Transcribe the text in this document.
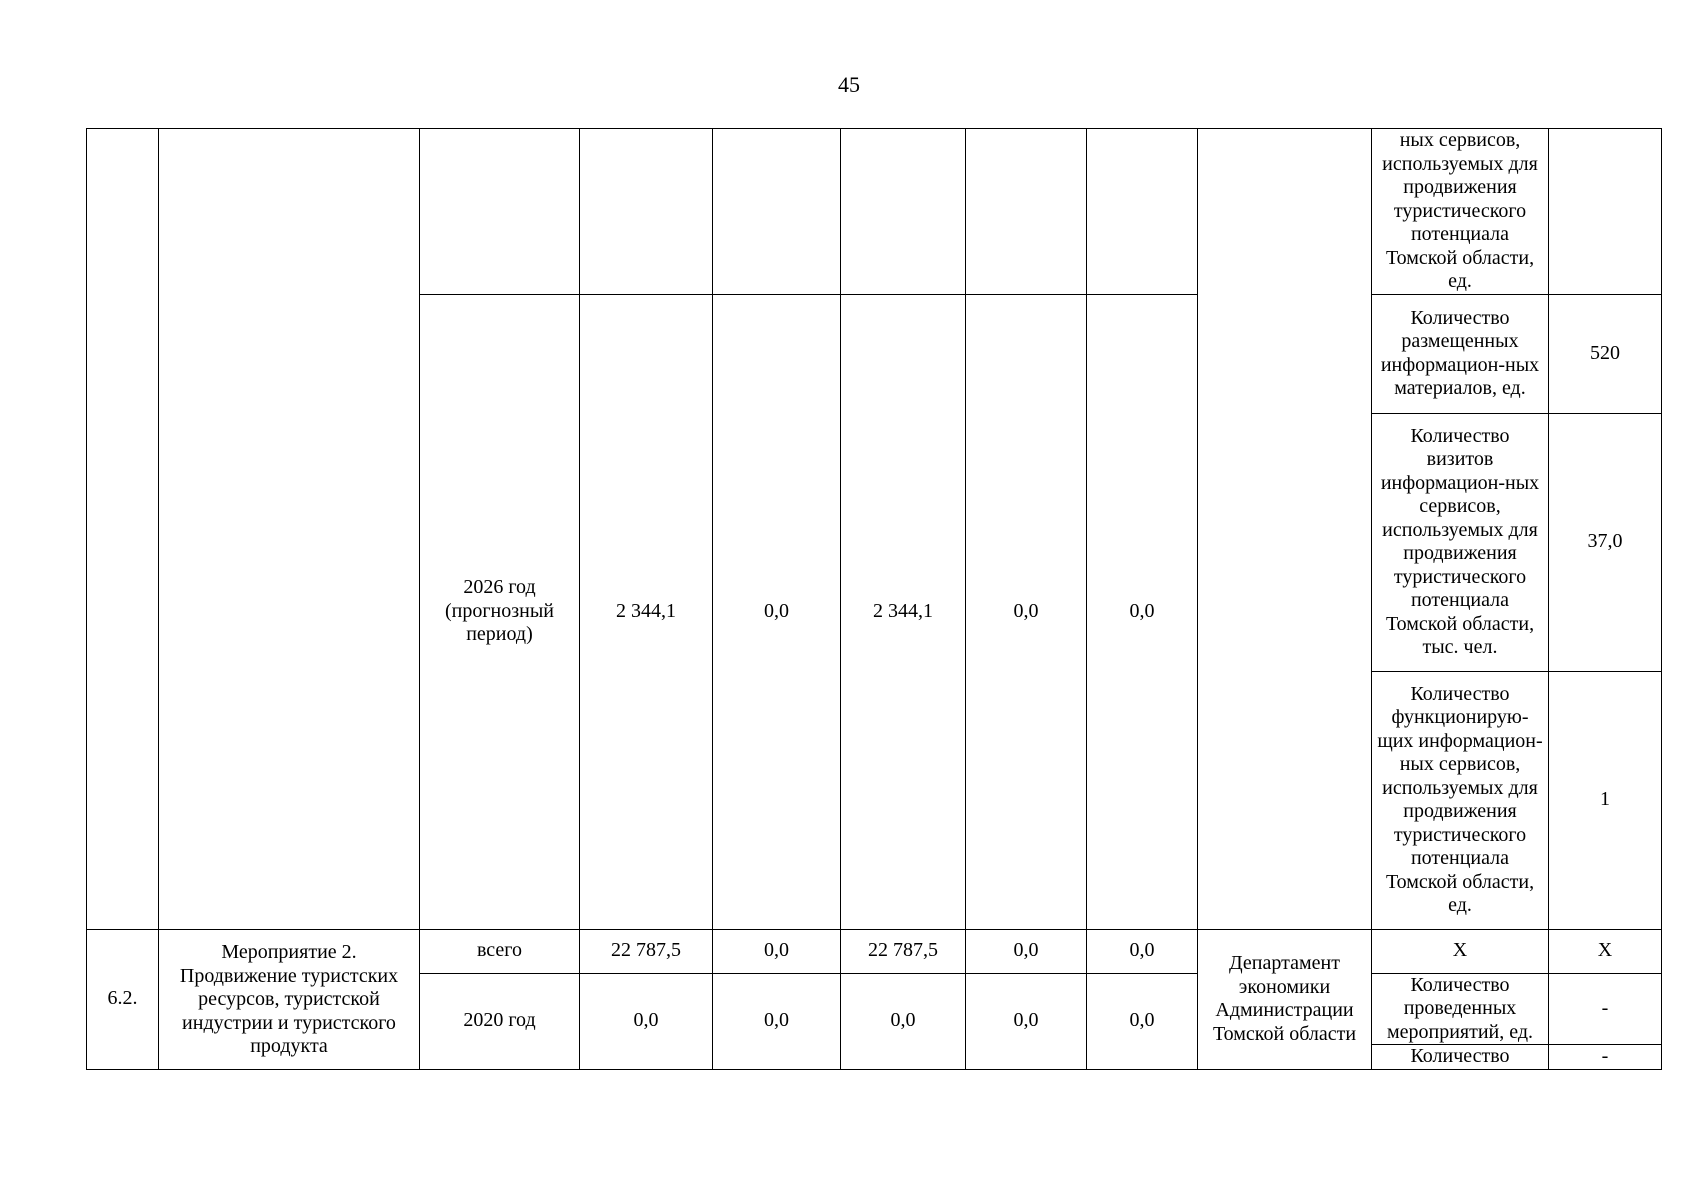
45
									ных сервисов, используемых для продвижения туристического потенциала Томской области, ед.	
		2026 год (прогнозный период)	2 344,1	0,0	2 344,1	0,0	0,0		Количество размещенных информацион-ных материалов, ед.	520
									Количество визитов информацион-ных сервисов, используемых для продвижения туристического потенциала Томской области, тыс. чел.	37,0
									Количество функционирую-щих информацион-ных сервисов, используемых для продвижения туристического потенциала Томской области, ед.	1
6.2.	Мероприятие 2. Продвижение туристских ресурсов, туристской индустрии и туристского продукта	всего	22 787,5	0,0	22 787,5	0,0	0,0	Департамент экономики Администрации Томской области	X	X
		2020 год	0,0	0,0	0,0	0,0	0,0		Количество проведенных мероприятий, ед.	-
									Количество	-
